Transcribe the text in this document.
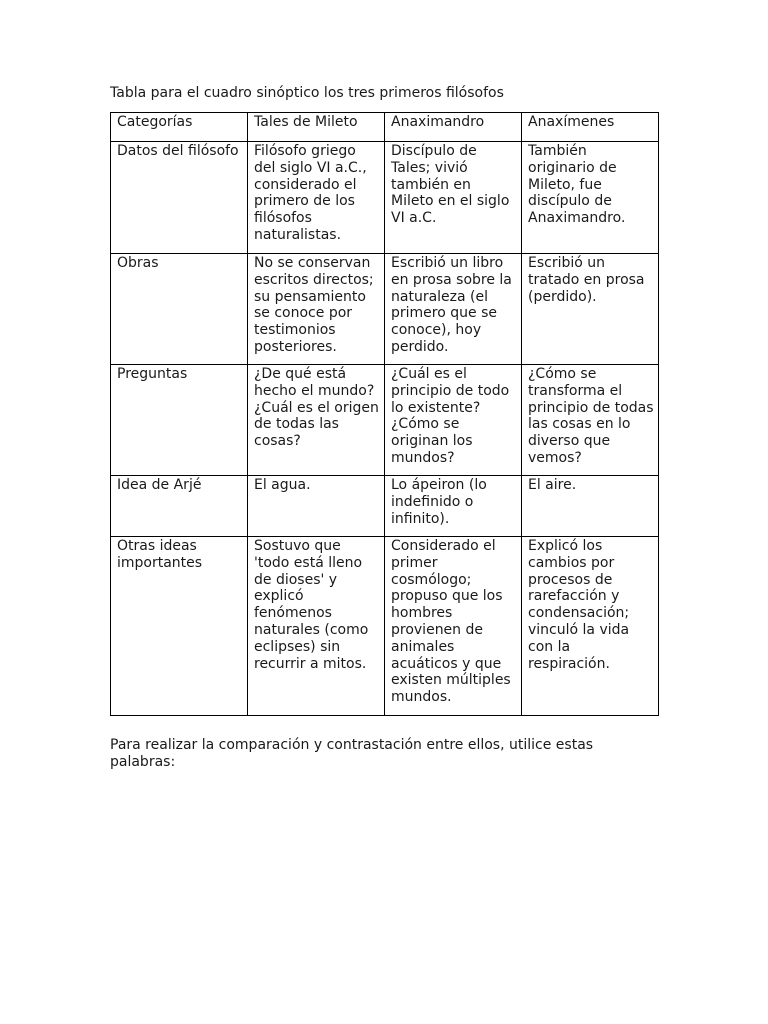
Tabla para el cuadro sinóptico los tres primeros filósofos
Categorías	Tales de Mileto	Anaximandro	Anaxímenes

Datos del filósofo	Filósofo griego del siglo VI a.C., considerado el primero de los filósofos naturalistas.	Discípulo de Tales; vivió también en Mileto en el siglo VI a.C.	También originario de Mileto, fue discípulo de Anaximandro.

Obras	No se conservan escritos directos; su pensamiento se conoce por testimonios posteriores.	Escribió un libro en prosa sobre la naturaleza (el primero que se conoce), hoy perdido.	Escribió un tratado en prosa (perdido).

Preguntas	¿De qué está hecho el mundo? ¿Cuál es el origen de todas las cosas?	¿Cuál es el principio de todo lo existente? ¿Cómo se originan los mundos?	¿Cómo se transforma el principio de todas las cosas en lo diverso que vemos?

Idea de Arjé	El agua.	Lo ápeiron (lo indefinido o infinito).	El aire.

Otras ideas importantes	Sostuvo que 'todo está lleno de dioses' y explicó fenómenos naturales (como eclipses) sin recurrir a mitos.	Considerado el primer cosmólogo; propuso que los hombres provienen de animales acuáticos y que existen múltiples mundos.	Explicó los cambios por procesos de rarefacción y condensación; vinculó la vida con la respiración.
Para realizar la comparación y contrastación entre ellos, utilice estas palabras:
